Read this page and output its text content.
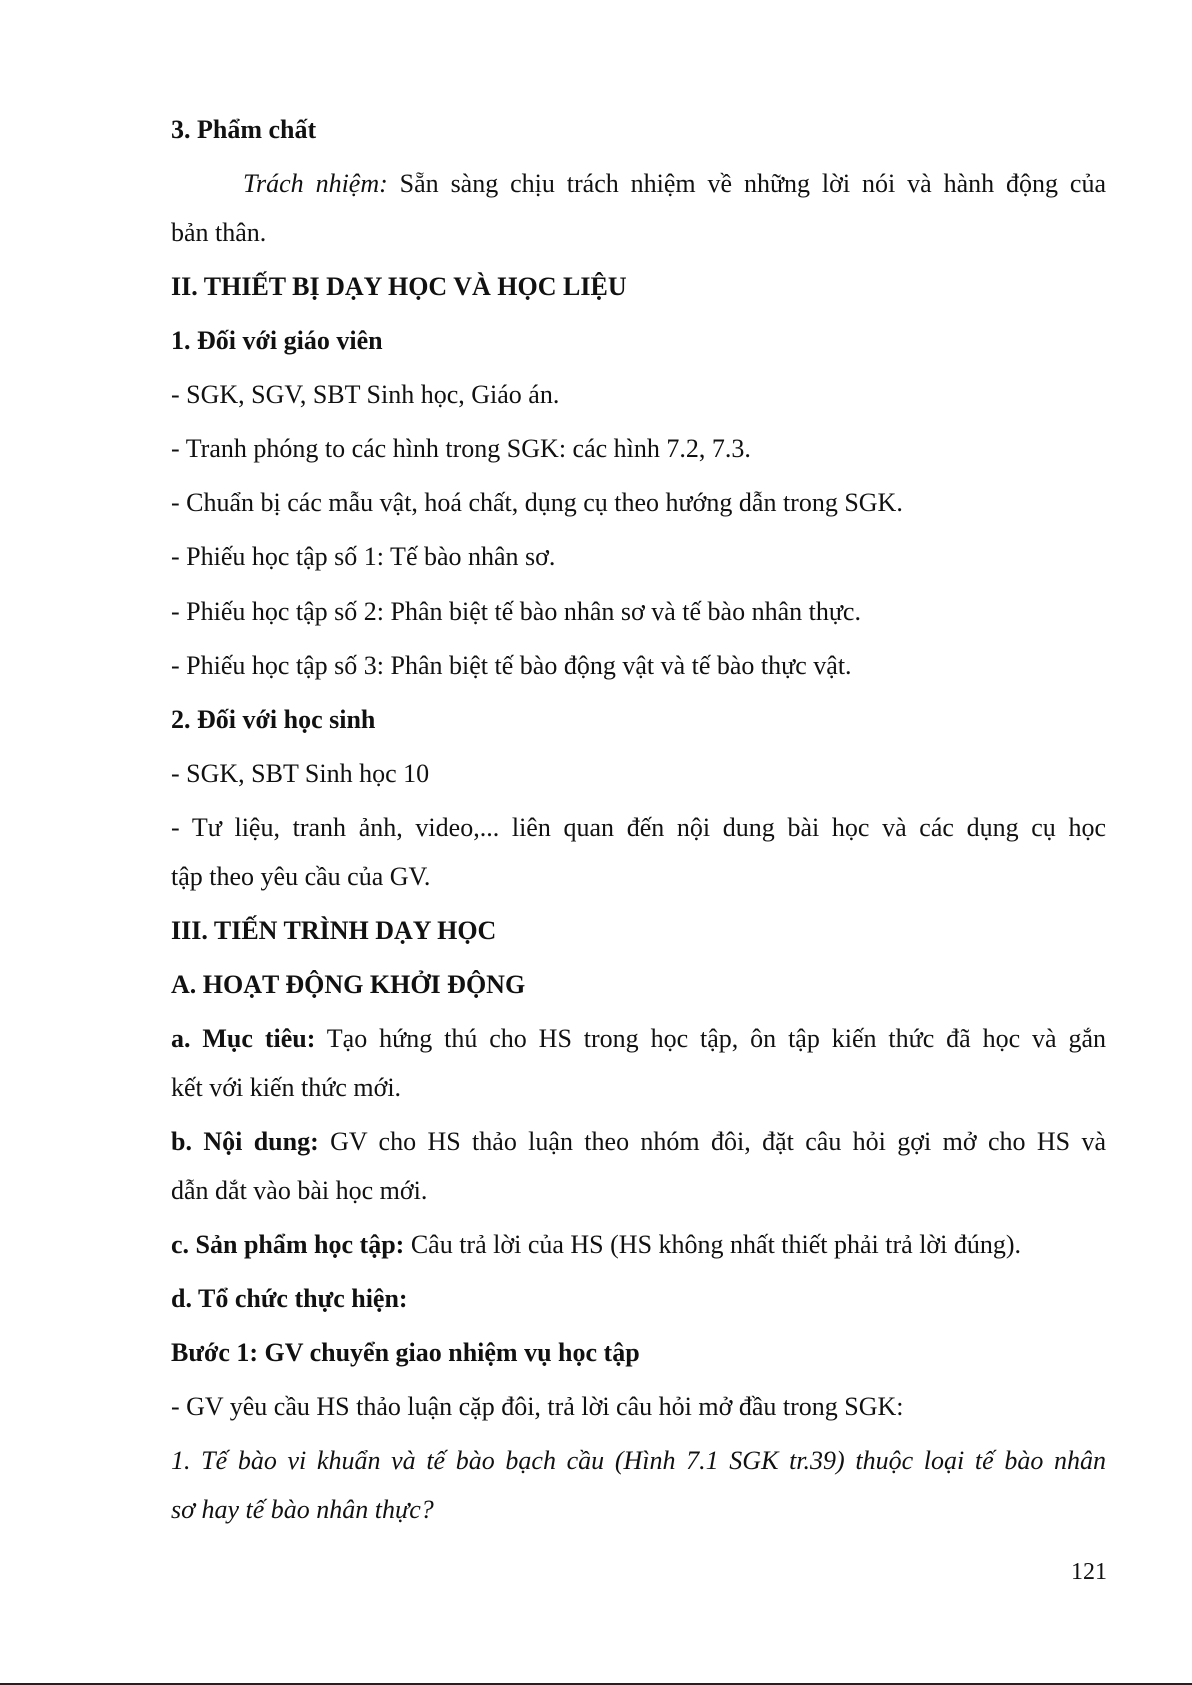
3. Phẩm chất
Trách nhiệm: Sẵn sàng chịu trách nhiệm về những lời nói và hành động của
bản thân.
II. THIẾT BỊ DẠY HỌC VÀ HỌC LIỆU
1. Đối với giáo viên
- SGK, SGV, SBT Sinh học, Giáo án.
- Tranh phóng to các hình trong SGK: các hình 7.2, 7.3.
- Chuẩn bị các mẫu vật, hoá chất, dụng cụ theo hướng dẫn trong SGK.
- Phiếu học tập số 1: Tế bào nhân sơ.
- Phiếu học tập số 2: Phân biệt tế bào nhân sơ và tế bào nhân thực.
- Phiếu học tập số 3: Phân biệt tế bào động vật và tế bào thực vật.
2. Đối với học sinh
- SGK, SBT Sinh học 10
- Tư liệu, tranh ảnh, video,... liên quan đến nội dung bài học và các dụng cụ học
tập theo yêu cầu của GV.
III. TIẾN TRÌNH DẠY HỌC
A. HOẠT ĐỘNG KHỞI ĐỘNG
a. Mục tiêu: Tạo hứng thú cho HS trong học tập, ôn tập kiến thức đã học và gắn
kết với kiến thức mới.
b. Nội dung: GV cho HS thảo luận theo nhóm đôi, đặt câu hỏi gợi mở cho HS và
dẫn dắt vào bài học mới.
c. Sản phẩm học tập: Câu trả lời của HS (HS không nhất thiết phải trả lời đúng).
d. Tổ chức thực hiện:
Bước 1: GV chuyển giao nhiệm vụ học tập
- GV yêu cầu HS thảo luận cặp đôi, trả lời câu hỏi mở đầu trong SGK:
1. Tế bào vi khuẩn và tế bào bạch cầu (Hình 7.1 SGK tr.39) thuộc loại tế bào nhân
sơ hay tế bào nhân thực?
121
